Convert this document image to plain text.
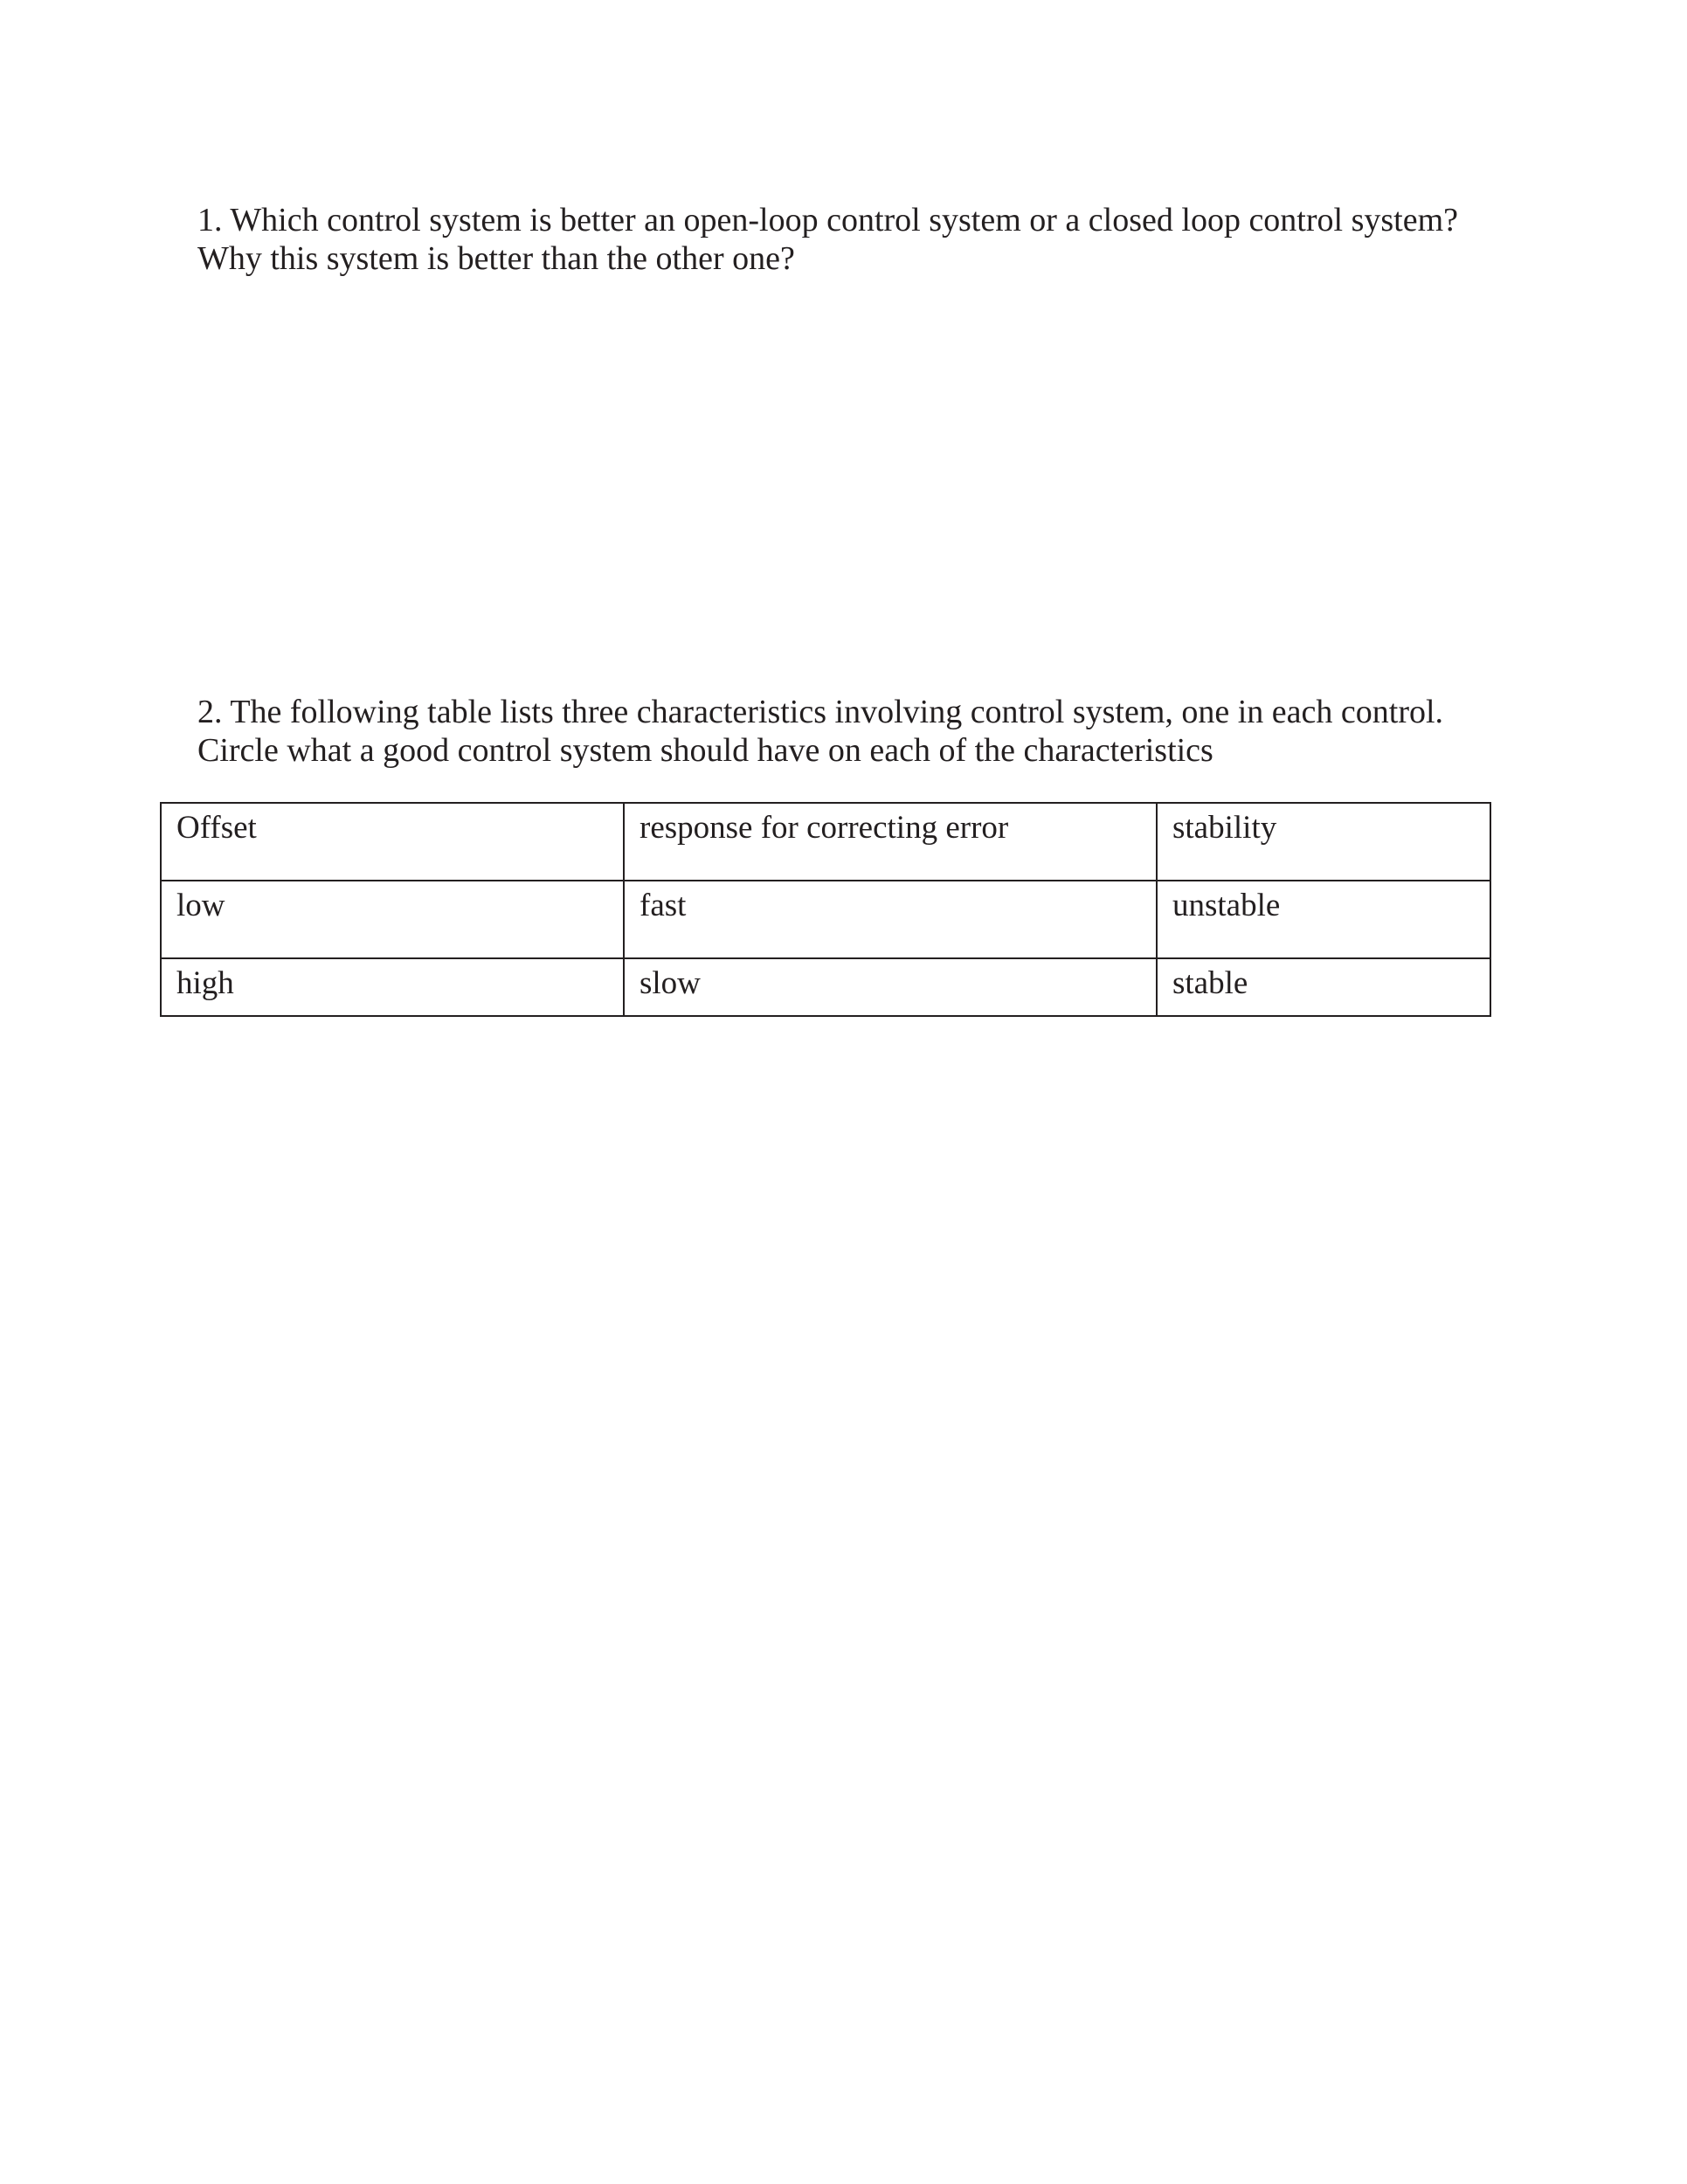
1. Which control system is better an open-loop control system or a closed loop control system?
Why this system is better than the other one?
2. The following table lists three characteristics involving control system, one in each control.
Circle what a good control system should have on each of the characteristics
Offset	response for correcting error	stability
low	fast	unstable
high	slow	stable
